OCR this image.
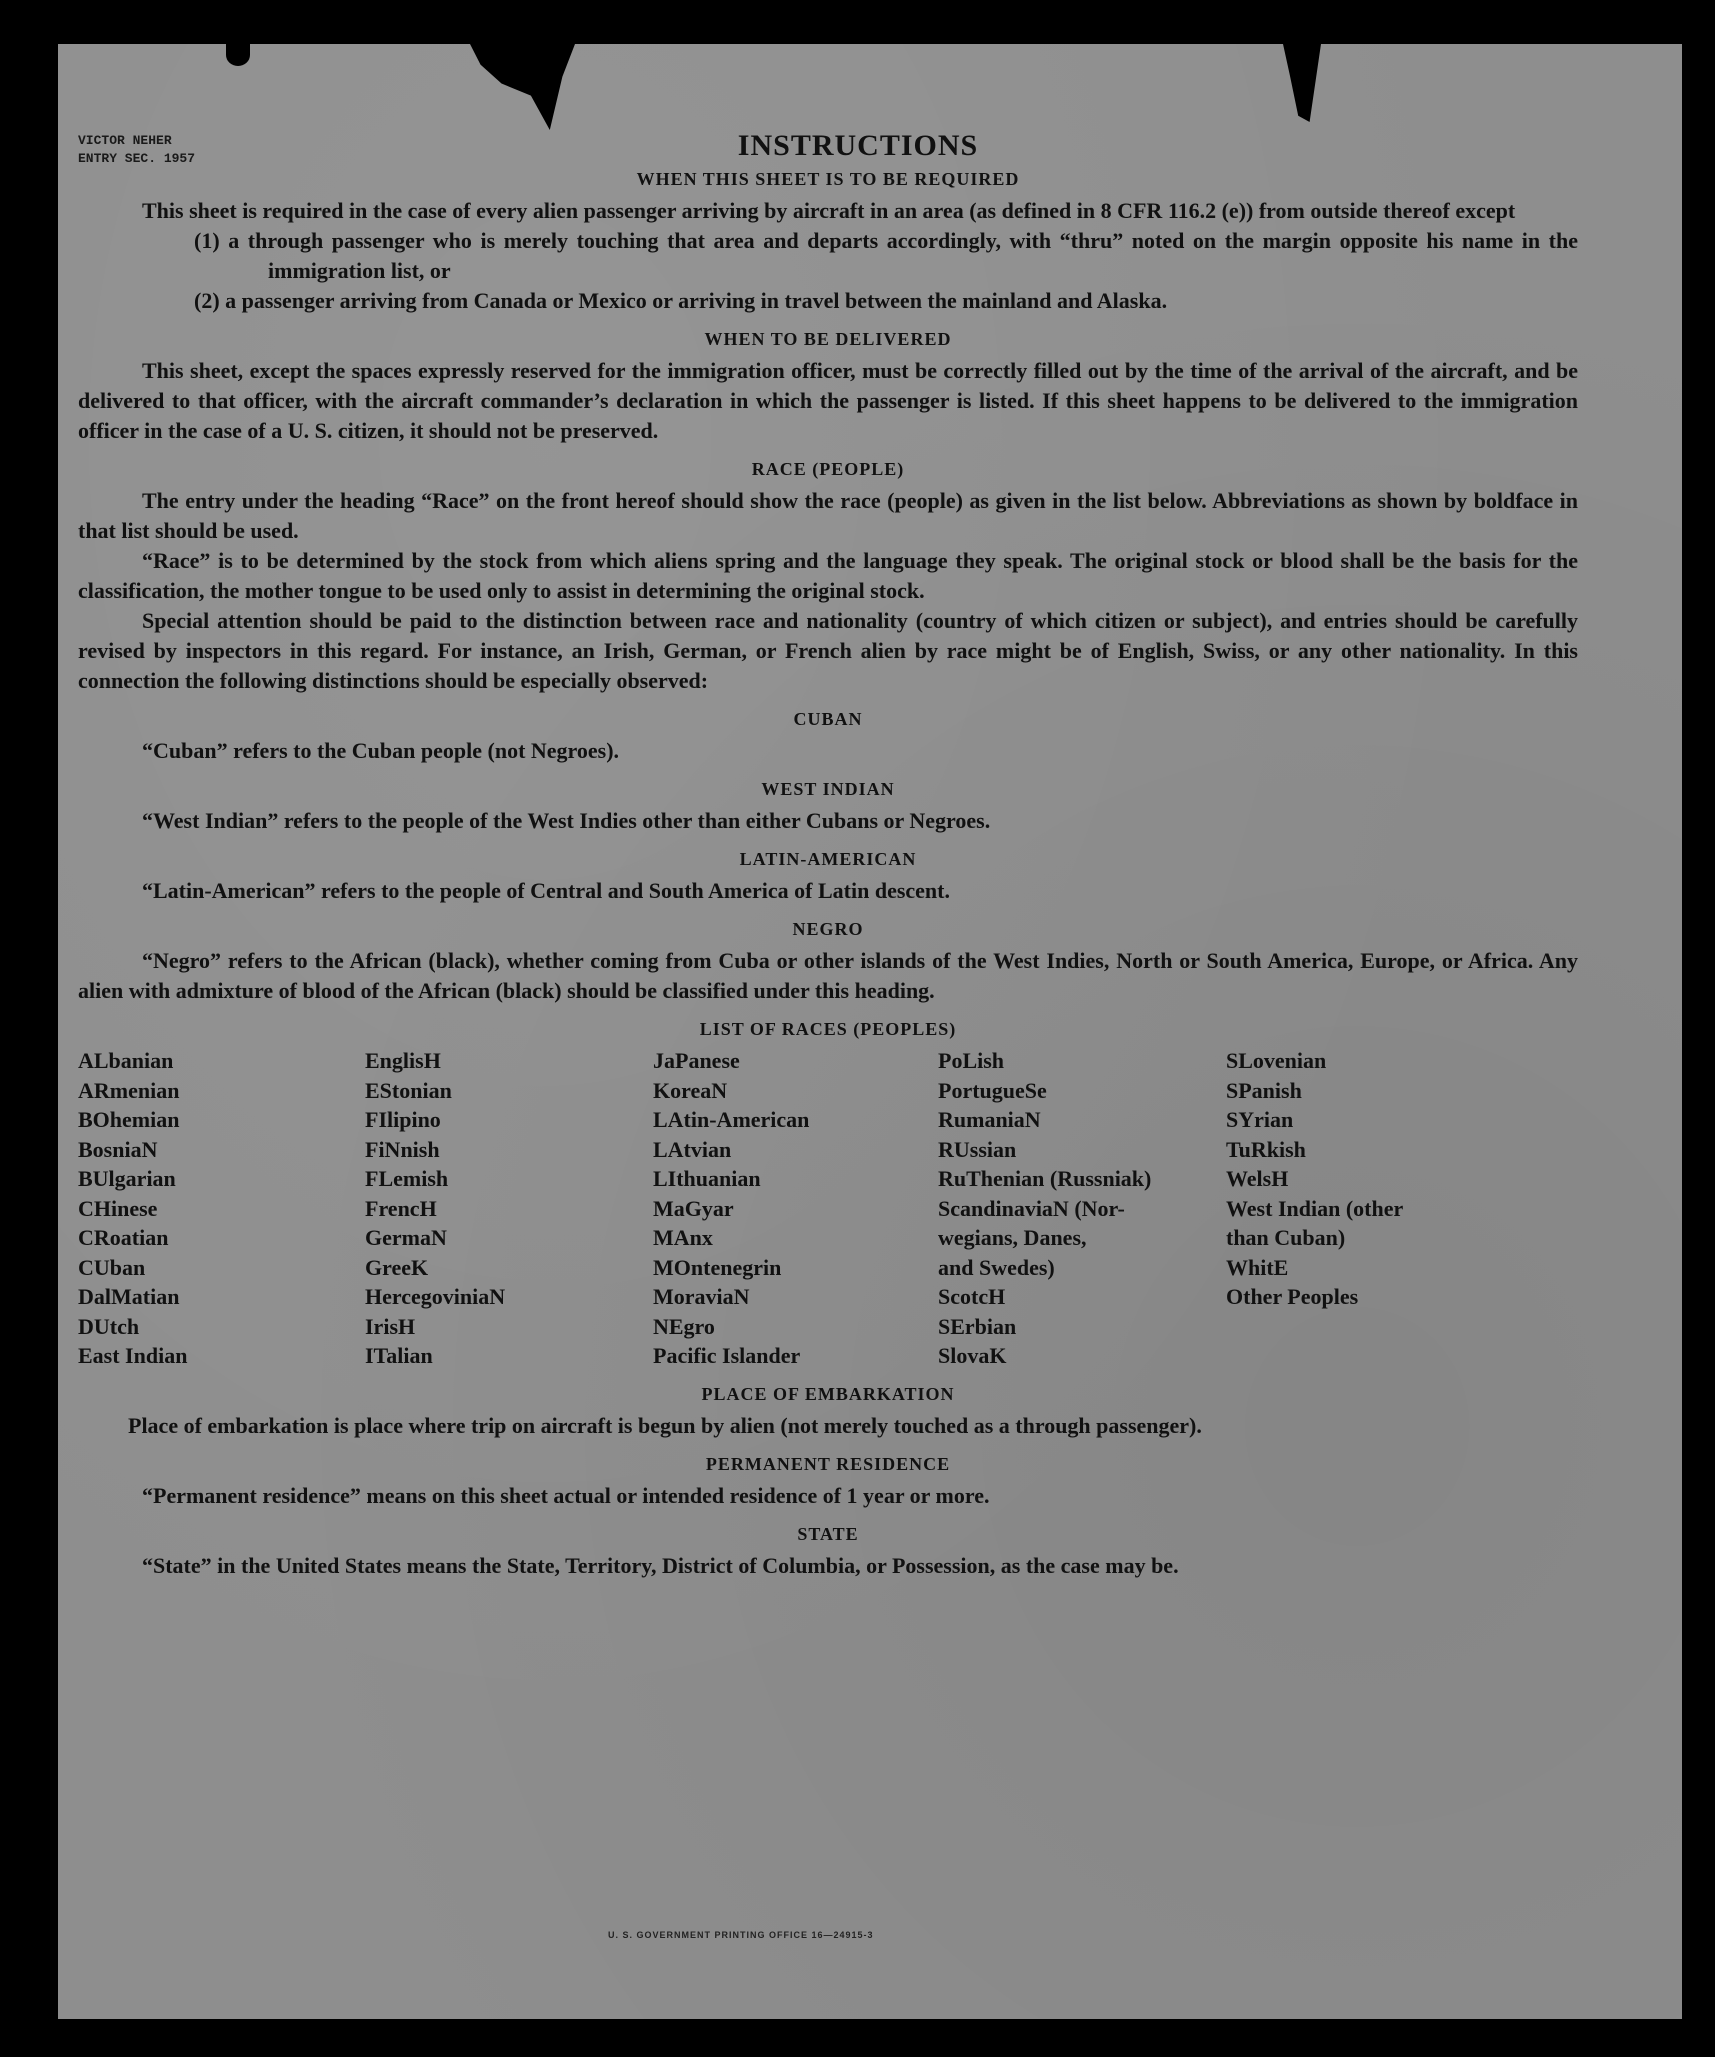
VICTOR NEHER
ENTRY SEC. 1957	INSTRUCTIONS
WHEN THIS SHEET IS TO BE REQUIRED

This sheet is required in the case of every alien passenger arriving by aircraft in an area (as defined in 8 CFR 116.2 (e)) from outside thereof except

(1) a through passenger who is merely touching that area and departs accordingly, with “thru” noted on the margin opposite his name in the immigration list, or

(2) a passenger arriving from Canada or Mexico or arriving in travel between the mainland and Alaska.

WHEN TO BE DELIVERED

This sheet, except the spaces expressly reserved for the immigration officer, must be correctly filled out by the time of the arrival of the aircraft, and be delivered to that officer, with the aircraft commander’s declaration in which the passenger is listed. If this sheet happens to be delivered to the immigration officer in the case of a U. S. citizen, it should not be preserved.

RACE (PEOPLE)

The entry under the heading “Race” on the front hereof should show the race (people) as given in the list below. Abbreviations as shown by boldface in that list should be used.

“Race” is to be determined by the stock from which aliens spring and the language they speak. The original stock or blood shall be the basis for the classification, the mother tongue to be used only to assist in determining the original stock.

Special attention should be paid to the distinction between race and nationality (country of which citizen or subject), and entries should be carefully revised by inspectors in this regard. For instance, an Irish, German, or French alien by race might be of English, Swiss, or any other nationality. In this connection the following distinctions should be especially observed:

CUBAN

“Cuban” refers to the Cuban people (not Negroes).

WEST INDIAN

“West Indian” refers to the people of the West Indies other than either Cubans or Negroes.

LATIN-AMERICAN

“Latin-American” refers to the people of Central and South America of Latin descent.

NEGRO

“Negro” refers to the African (black), whether coming from Cuba or other islands of the West Indies, North or South America, Europe, or Africa. Any alien with admixture of blood of the African (black) should be classified under this heading.

LIST OF RACES (PEOPLES)
ALbanian
ARmenian
BOhemian
BosniaN
BUlgarian
CHinese
CRoatian
CUban
DalMatian
DUtch
East Indian
EnglisH
EStonian
FIlipino
FiNnish
FLemish
FrencH
GermaN
GreeK
HercegoviniaN
IrisH
ITalian
JaPanese
KoreaN
LAtin-American
LAtvian
LIthuanian
MaGyar
MAnx
MOntenegrin
MoraviaN
NEgro
Pacific Islander
PoLish
PortugueSe
RumaniaN
RUssian
RuThenian (Russniak)
ScandinaviaN (Nor-
wegians, Danes,
and Swedes)
ScotcH
SErbian
SlovaK
SLovenian
SPanish
SYrian
TuRkish
WelsH
West Indian (other
than Cuban)
WhitE
Other Peoples
PLACE OF EMBARKATION

Place of embarkation is place where trip on aircraft is begun by alien (not merely touched as a through passenger).

PERMANENT RESIDENCE

“Permanent residence” means on this sheet actual or intended residence of 1 year or more.

STATE

“State” in the United States means the State, Territory, District of Columbia, or Possession, as the case may be.

U. S. GOVERNMENT PRINTING OFFICE 16—24915-3
